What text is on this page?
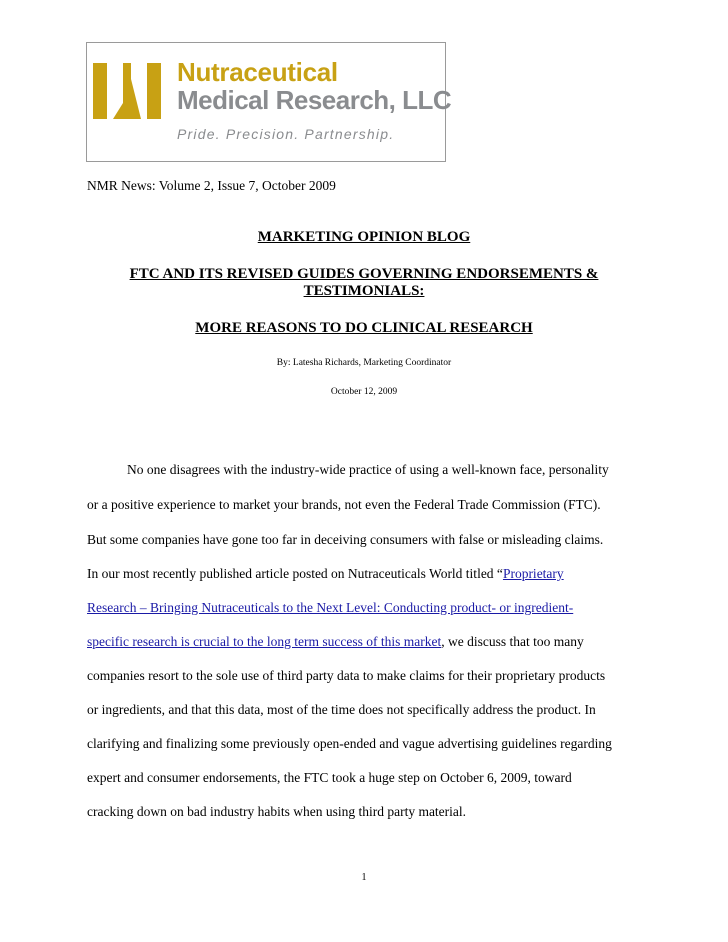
Nutraceutical
Medical Research, LLC
Pride. Precision. Partnership.
NMR News: Volume 2, Issue 7, October 2009
MARKETING OPINION BLOG
FTC AND ITS REVISED GUIDES GOVERNING ENDORSEMENTS &
TESTIMONIALS:
MORE REASONS TO DO CLINICAL RESEARCH
By: Latesha Richards, Marketing Coordinator
October 12, 2009
No one disagrees with the industry-wide practice of using a well-known face, personality
or a positive experience to market your brands, not even the Federal Trade Commission (FTC).
But some companies have gone too far in deceiving consumers with false or misleading claims.
In our most recently published article posted on Nutraceuticals World titled “Proprietary
Research – Bringing Nutraceuticals to the Next Level: Conducting product- or ingredient-
specific research is crucial to the long term success of this market, we discuss that too many
companies resort to the sole use of third party data to make claims for their proprietary products
or ingredients, and that this data, most of the time does not specifically address the product. In
clarifying and finalizing some previously open-ended and vague advertising guidelines regarding
expert and consumer endorsements, the FTC took a huge step on October 6, 2009, toward
cracking down on bad industry habits when using third party material.
1
